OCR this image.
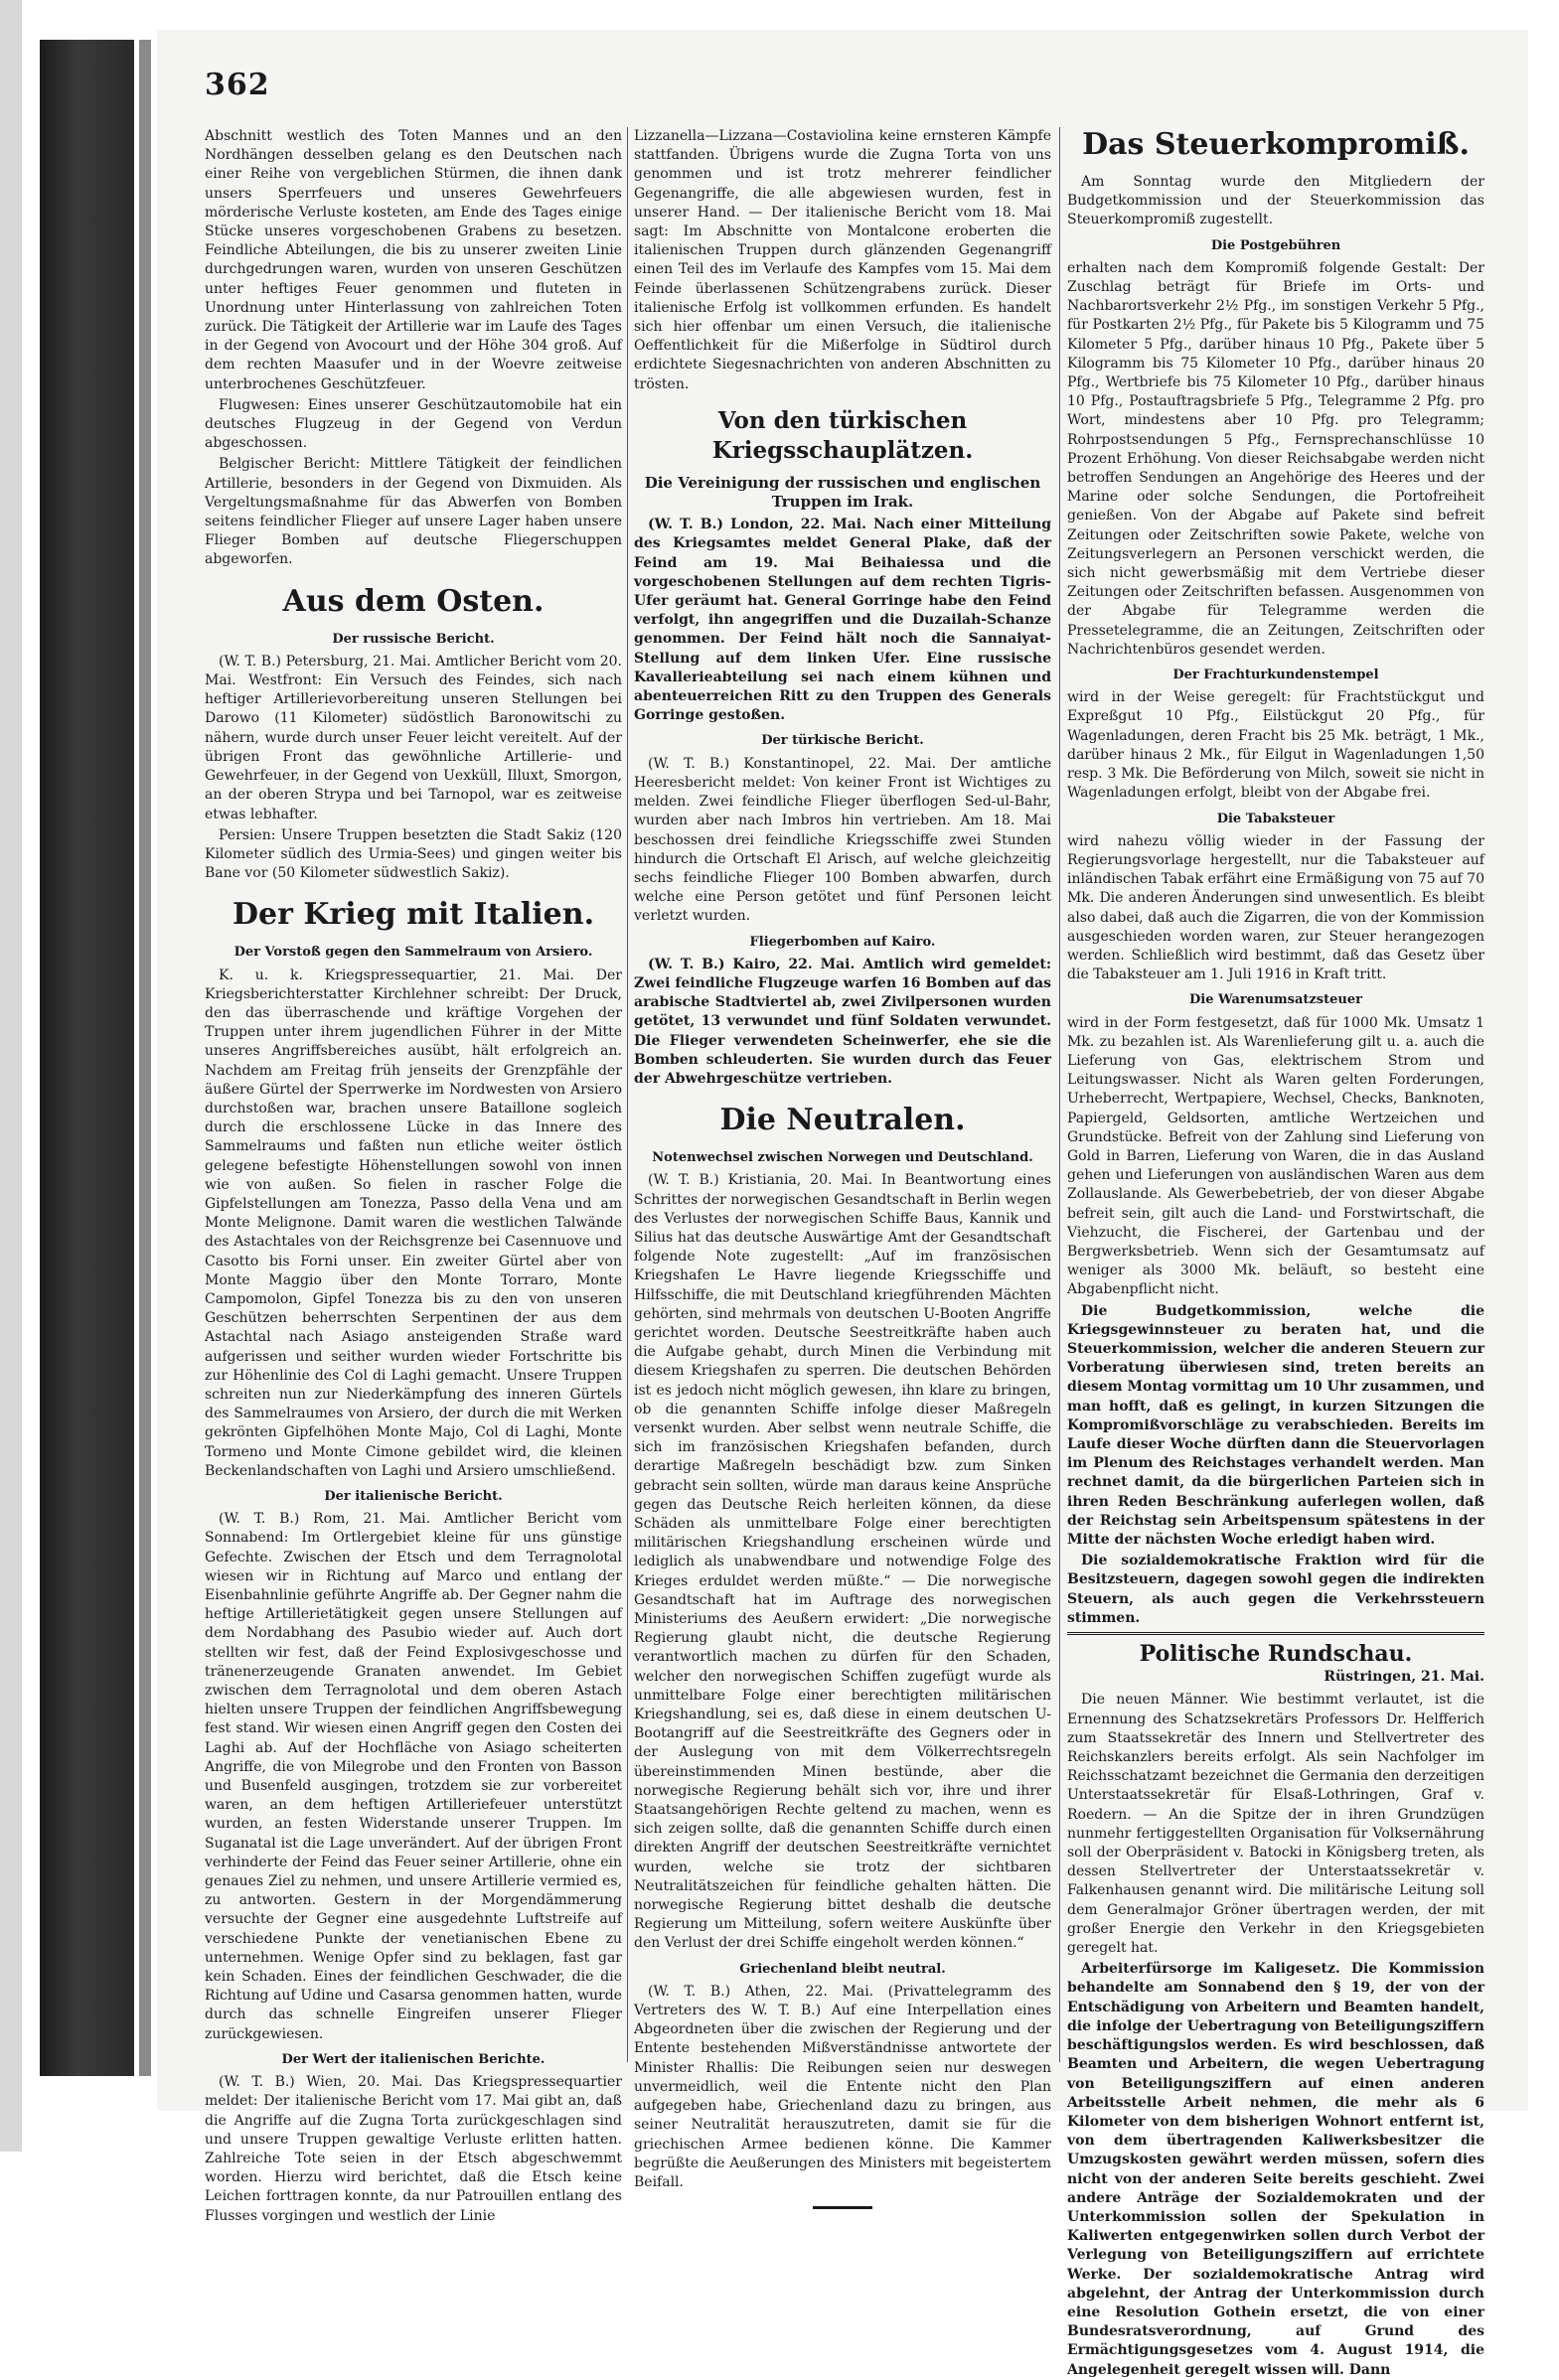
362

Abschnitt westlich des Toten Mannes und an den Nordhängen desselben gelang es den Deutschen nach einer Reihe von vergeblichen Stürmen, die ihnen dank unsers Sperrfeuers und unseres Gewehrfeuers mörderische Verluste kosteten, am Ende des Tages einige Stücke unseres vorgeschobenen Grabens zu besetzen. Feindliche Abteilungen, die bis zu unserer zweiten Linie durchgedrungen waren, wurden von unseren Geschützen unter heftiges Feuer genommen und fluteten in Unordnung unter Hinterlassung von zahlreichen Toten zurück. Die Tätigkeit der Artillerie war im Laufe des Tages in der Gegend von Avocourt und der Höhe 304 groß. Auf dem rechten Maasufer und in der Woevre zeitweise unterbrochenes Geschützfeuer.

Flugwesen: Eines unserer Geschützautomobile hat ein deutsches Flugzeug in der Gegend von Verdun abgeschossen.

Belgischer Bericht: Mittlere Tätigkeit der feindlichen Artillerie, besonders in der Gegend von Dixmuiden. Als Vergeltungsmaßnahme für das Abwerfen von Bomben seitens feindlicher Flieger auf unsere Lager haben unsere Flieger Bomben auf deutsche Fliegerschuppen abgeworfen.

Aus dem Osten.
Der russische Bericht.

(W. T. B.) Petersburg, 21. Mai. Amtlicher Bericht vom 20. Mai. Westfront: Ein Versuch des Feindes, sich nach heftiger Artillerievorbereitung unseren Stellungen bei Darowo (11 Kilometer) südöstlich Baronowitschi zu nähern, wurde durch unser Feuer leicht vereitelt. Auf der übrigen Front das gewöhnliche Artillerie- und Gewehrfeuer, in der Gegend von Uexküll, Illuxt, Smorgon, an der oberen Strypa und bei Tarnopol, war es zeitweise etwas lebhafter.

Persien: Unsere Truppen besetzten die Stadt Sakiz (120 Kilometer südlich des Urmia-Sees) und gingen weiter bis Bane vor (50 Kilometer südwestlich Sakiz).

Der Krieg mit Italien.
Der Vorstoß gegen den Sammelraum von Arsiero.

K. u. k. Kriegspressequartier, 21. Mai. Der Kriegsberichterstatter Kirchlehner schreibt: Der Druck, den das überraschende und kräftige Vorgehen der Truppen unter ihrem jugendlichen Führer in der Mitte unseres Angriffsbereiches ausübt, hält erfolgreich an. Nachdem am Freitag früh jenseits der Grenzpfähle der äußere Gürtel der Sperrwerke im Nordwesten von Arsiero durchstoßen war, brachen unsere Bataillone sogleich durch die erschlossene Lücke in das Innere des Sammelraums und faßten nun etliche weiter östlich gelegene befestigte Höhenstellungen sowohl von innen wie von außen. So fielen in rascher Folge die Gipfelstellungen am Tonezza, Passo della Vena und am Monte Melignone. Damit waren die westlichen Talwände des Astachtales von der Reichsgrenze bei Casennuove und Casotto bis Forni unser. Ein zweiter Gürtel aber von Monte Maggio über den Monte Torraro, Monte Campomolon, Gipfel Tonezza bis zu den von unseren Geschützen beherrschten Serpentinen der aus dem Astachtal nach Asiago ansteigenden Straße ward aufgerissen und seither wurden wieder Fortschritte bis zur Höhenlinie des Col di Laghi gemacht. Unsere Truppen schreiten nun zur Niederkämpfung des inneren Gürtels des Sammelraumes von Arsiero, der durch die mit Werken gekrönten Gipfelhöhen Monte Majo, Col di Laghi, Monte Tormeno und Monte Cimone gebildet wird, die kleinen Beckenlandschaften von Laghi und Arsiero umschließend.

Der italienische Bericht.

(W. T. B.) Rom, 21. Mai. Amtlicher Bericht vom Sonnabend: Im Ortlergebiet kleine für uns günstige Gefechte. Zwischen der Etsch und dem Terragnolotal wiesen wir in Richtung auf Marco und entlang der Eisenbahnlinie geführte Angriffe ab. Der Gegner nahm die heftige Artillerietätigkeit gegen unsere Stellungen auf dem Nordabhang des Pasubio wieder auf. Auch dort stellten wir fest, daß der Feind Explosivgeschosse und tränenerzeugende Granaten anwendet. Im Gebiet zwischen dem Terragnolotal und dem oberen Astach hielten unsere Truppen der feindlichen Angriffsbewegung fest stand. Wir wiesen einen Angriff gegen den Costen dei Laghi ab. Auf der Hochfläche von Asiago scheiterten Angriffe, die von Milegrobe und den Fronten von Basson und Busenfeld ausgingen, trotzdem sie zur vorbereitet waren, an dem heftigen Artilleriefeuer unterstützt wurden, an festen Widerstande unserer Truppen. Im Suganatal ist die Lage unverändert. Auf der übrigen Front verhinderte der Feind das Feuer seiner Artillerie, ohne ein genaues Ziel zu nehmen, und unsere Artillerie vermied es, zu antworten. Gestern in der Morgendämmerung versuchte der Gegner eine ausgedehnte Luftstreife auf verschiedene Punkte der venetianischen Ebene zu unternehmen. Wenige Opfer sind zu beklagen, fast gar kein Schaden. Eines der feindlichen Geschwader, die die Richtung auf Udine und Casarsa genommen hatten, wurde durch das schnelle Eingreifen unserer Flieger zurückgewiesen.

Der Wert der italienischen Berichte.

(W. T. B.) Wien, 20. Mai. Das Kriegspressequartier meldet: Der italienische Bericht vom 17. Mai gibt an, daß die Angriffe auf die Zugna Torta zurückgeschlagen sind und unsere Truppen gewaltige Verluste erlitten hatten. Zahlreiche Tote seien in der Etsch abgeschwemmt worden. Hierzu wird berichtet, daß die Etsch keine Leichen forttragen konnte, da nur Patrouillen entlang des Flusses vorgingen und westlich der Linie

Lizzanella—Lizzana—Costaviolina keine ernsteren Kämpfe stattfanden. Übrigens wurde die Zugna Torta von uns genommen und ist trotz mehrerer feindlicher Gegenangriffe, die alle abgewiesen wurden, fest in unserer Hand. — Der italienische Bericht vom 18. Mai sagt: Im Abschnitte von Montalcone eroberten die italienischen Truppen durch glänzenden Gegenangriff einen Teil des im Verlaufe des Kampfes vom 15. Mai dem Feinde überlassenen Schützengrabens zurück. Dieser italienische Erfolg ist vollkommen erfunden. Es handelt sich hier offenbar um einen Versuch, die italienische Oeffentlichkeit für die Mißerfolge in Südtirol durch erdichtete Siegesnachrichten von anderen Abschnitten zu trösten.

Von den türkischen Kriegsschauplätzen.
Die Vereinigung der russischen und englischen Truppen im Irak.

(W. T. B.) London, 22. Mai. Nach einer Mitteilung des Kriegsamtes meldet General Plake, daß der Feind am 19. Mai Beihaiessa und die vorgeschobenen Stellungen auf dem rechten Tigris-Ufer geräumt hat. General Gorringe habe den Feind verfolgt, ihn angegriffen und die Duzailah-Schanze genommen. Der Feind hält noch die Sannaiyat-Stellung auf dem linken Ufer. Eine russische Kavallerieabteilung sei nach einem kühnen und abenteuerreichen Ritt zu den Truppen des Generals Gorringe gestoßen.

Der türkische Bericht.

(W. T. B.) Konstantinopel, 22. Mai. Der amtliche Heeresbericht meldet: Von keiner Front ist Wichtiges zu melden. Zwei feindliche Flieger überflogen Sed-ul-Bahr, wurden aber nach Imbros hin vertrieben. Am 18. Mai beschossen drei feindliche Kriegsschiffe zwei Stunden hindurch die Ortschaft El Arisch, auf welche gleichzeitig sechs feindliche Flieger 100 Bomben abwarfen, durch welche eine Person getötet und fünf Personen leicht verletzt wurden.

Fliegerbomben auf Kairo.

(W. T. B.) Kairo, 22. Mai. Amtlich wird gemeldet: Zwei feindliche Flugzeuge warfen 16 Bomben auf das arabische Stadtviertel ab, zwei Zivilpersonen wurden getötet, 13 verwundet und fünf Soldaten verwundet. Die Flieger verwendeten Scheinwerfer, ehe sie die Bomben schleuderten. Sie wurden durch das Feuer der Abwehrgeschütze vertrieben.

Die Neutralen.
Notenwechsel zwischen Norwegen und Deutschland.

(W. T. B.) Kristiania, 20. Mai. In Beantwortung eines Schrittes der norwegischen Gesandtschaft in Berlin wegen des Verlustes der norwegischen Schiffe Baus, Kannik und Silius hat das deutsche Auswärtige Amt der Gesandtschaft folgende Note zugestellt: „Auf im französischen Kriegshafen Le Havre liegende Kriegsschiffe und Hilfsschiffe, die mit Deutschland kriegführenden Mächten gehörten, sind mehrmals von deutschen U-Booten Angriffe gerichtet worden. Deutsche Seestreitkräfte haben auch die Aufgabe gehabt, durch Minen die Verbindung mit diesem Kriegshafen zu sperren. Die deutschen Behörden ist es jedoch nicht möglich gewesen, ihn klare zu bringen, ob die genannten Schiffe infolge dieser Maßregeln versenkt wurden. Aber selbst wenn neutrale Schiffe, die sich im französischen Kriegshafen befanden, durch derartige Maßregeln beschädigt bzw. zum Sinken gebracht sein sollten, würde man daraus keine Ansprüche gegen das Deutsche Reich herleiten können, da diese Schäden als unmittelbare Folge einer berechtigten militärischen Kriegshandlung erscheinen würde und lediglich als unabwendbare und notwendige Folge des Krieges erduldet werden müßte.“ — Die norwegische Gesandtschaft hat im Auftrage des norwegischen Ministeriums des Aeußern erwidert: „Die norwegische Regierung glaubt nicht, die deutsche Regierung verantwortlich machen zu dürfen für den Schaden, welcher den norwegischen Schiffen zugefügt wurde als unmittelbare Folge einer berechtigten militärischen Kriegshandlung, sei es, daß diese in einem deutschen U-Bootangriff auf die Seestreitkräfte des Gegners oder in der Auslegung von mit dem Völkerrechtsregeln übereinstimmenden Minen bestünde, aber die norwegische Regierung behält sich vor, ihre und ihrer Staatsangehörigen Rechte geltend zu machen, wenn es sich zeigen sollte, daß die genannten Schiffe durch einen direkten Angriff der deutschen Seestreitkräfte vernichtet wurden, welche sie trotz der sichtbaren Neutralitätszeichen für feindliche gehalten hätten. Die norwegische Regierung bittet deshalb die deutsche Regierung um Mitteilung, sofern weitere Auskünfte über den Verlust der drei Schiffe eingeholt werden können.“

Griechenland bleibt neutral.

(W. T. B.) Athen, 22. Mai. (Privattelegramm des Vertreters des W. T. B.) Auf eine Interpellation eines Abgeordneten über die zwischen der Regierung und der Entente bestehenden Mißverständnisse antwortete der Minister Rhallis: Die Reibungen seien nur deswegen unvermeidlich, weil die Entente nicht den Plan aufgegeben habe, Griechenland dazu zu bringen, aus seiner Neutralität herauszutreten, damit sie für die griechischen Armee bedienen könne. Die Kammer begrüßte die Aeußerungen des Ministers mit begeistertem Beifall.

Das Steuerkompromiß.

Am Sonntag wurde den Mitgliedern der Budgetkommission und der Steuerkommission das Steuerkompromiß zugestellt.

Die Postgebühren

erhalten nach dem Kompromiß folgende Gestalt: Der Zuschlag beträgt für Briefe im Orts- und Nachbarortsverkehr 2½ Pfg., im sonstigen Verkehr 5 Pfg., für Postkarten 2½ Pfg., für Pakete bis 5 Kilogramm und 75 Kilometer 5 Pfg., darüber hinaus 10 Pfg., Pakete über 5 Kilogramm bis 75 Kilometer 10 Pfg., darüber hinaus 20 Pfg., Wertbriefe bis 75 Kilometer 10 Pfg., darüber hinaus 10 Pfg., Postauftragsbriefe 5 Pfg., Telegramme 2 Pfg. pro Wort, mindestens aber 10 Pfg. pro Telegramm; Rohrpostsendungen 5 Pfg., Fernsprechanschlüsse 10 Prozent Erhöhung. Von dieser Reichsabgabe werden nicht betroffen Sendungen an Angehörige des Heeres und der Marine oder solche Sendungen, die Portofreiheit genießen. Von der Abgabe auf Pakete sind befreit Zeitungen oder Zeitschriften sowie Pakete, welche von Zeitungsverlegern an Personen verschickt werden, die sich nicht gewerbsmäßig mit dem Vertriebe dieser Zeitungen oder Zeitschriften befassen. Ausgenommen von der Abgabe für Telegramme werden die Pressetelegramme, die an Zeitungen, Zeitschriften oder Nachrichtenbüros gesendet werden.

Der Frachturkundenstempel

wird in der Weise geregelt: für Frachtstückgut und Expreßgut 10 Pfg., Eilstückgut 20 Pfg., für Wagenladungen, deren Fracht bis 25 Mk. beträgt, 1 Mk., darüber hinaus 2 Mk., für Eilgut in Wagenladungen 1,50 resp. 3 Mk. Die Beförderung von Milch, soweit sie nicht in Wagenladungen erfolgt, bleibt von der Abgabe frei.

Die Tabaksteuer

wird nahezu völlig wieder in der Fassung der Regierungsvorlage hergestellt, nur die Tabaksteuer auf inländischen Tabak erfährt eine Ermäßigung von 75 auf 70 Mk. Die anderen Änderungen sind unwesentlich. Es bleibt also dabei, daß auch die Zigarren, die von der Kommission ausgeschieden worden waren, zur Steuer herangezogen werden. Schließlich wird bestimmt, daß das Gesetz über die Tabaksteuer am 1. Juli 1916 in Kraft tritt.

Die Warenumsatzsteuer

wird in der Form festgesetzt, daß für 1000 Mk. Umsatz 1 Mk. zu bezahlen ist. Als Warenlieferung gilt u. a. auch die Lieferung von Gas, elektrischem Strom und Leitungswasser. Nicht als Waren gelten Forderungen, Urheberrecht, Wertpapiere, Wechsel, Checks, Banknoten, Papiergeld, Geldsorten, amtliche Wertzeichen und Grundstücke. Befreit von der Zahlung sind Lieferung von Gold in Barren, Lieferung von Waren, die in das Ausland gehen und Lieferungen von ausländischen Waren aus dem Zollauslande. Als Gewerbebetrieb, der von dieser Abgabe befreit sein, gilt auch die Land- und Forstwirtschaft, die Viehzucht, die Fischerei, der Gartenbau und der Bergwerksbetrieb. Wenn sich der Gesamtumsatz auf weniger als 3000 Mk. beläuft, so besteht eine Abgabenpflicht nicht.

Die Budgetkommission, welche die Kriegsgewinnsteuer zu beraten hat, und die Steuerkommission, welcher die anderen Steuern zur Vorberatung überwiesen sind, treten bereits an diesem Montag vormittag um 10 Uhr zusammen, und man hofft, daß es gelingt, in kurzen Sitzungen die Kompromißvorschläge zu verabschieden. Bereits im Laufe dieser Woche dürften dann die Steuervorlagen im Plenum des Reichstages verhandelt werden. Man rechnet damit, da die bürgerlichen Parteien sich in ihren Reden Beschränkung auferlegen wollen, daß der Reichstag sein Arbeitspensum spätestens in der Mitte der nächsten Woche erledigt haben wird.

Die sozialdemokratische Fraktion wird für die Besitzsteuern, dagegen sowohl gegen die indirekten Steuern, als auch gegen die Verkehrssteuern stimmen.

Politische Rundschau.
Rüstringen, 21. Mai.

Die neuen Männer. Wie bestimmt verlautet, ist die Ernennung des Schatzsekretärs Professors Dr. Helfferich zum Staatssekretär des Innern und Stellvertreter des Reichskanzlers bereits erfolgt. Als sein Nachfolger im Reichsschatzamt bezeichnet die Germania den derzeitigen Unterstaatssekretär für Elsaß-Lothringen, Graf v. Roedern. — An die Spitze der in ihren Grundzügen nunmehr fertiggestellten Organisation für Volksernährung soll der Oberpräsident v. Batocki in Königsberg treten, als dessen Stellvertreter der Unterstaatssekretär v. Falkenhausen genannt wird. Die militärische Leitung soll dem Generalmajor Gröner übertragen werden, der mit großer Energie den Verkehr in den Kriegsgebieten geregelt hat.

Arbeiterfürsorge im Kaligesetz. Die Kommission behandelte am Sonnabend den § 19, der von der Entschädigung von Arbeitern und Beamten handelt, die infolge der Uebertragung von Beteiligungsziffern beschäftigungslos werden. Es wird beschlossen, daß Beamten und Arbeitern, die wegen Uebertragung von Beteiligungsziffern auf einen anderen Arbeitsstelle Arbeit nehmen, die mehr als 6 Kilometer von dem bisherigen Wohnort entfernt ist, von dem übertragenden Kaliwerksbesitzer die Umzugskosten gewährt werden müssen, sofern dies nicht von der anderen Seite bereits geschieht. Zwei andere Anträge der Sozialdemokraten und der Unterkommission sollen der Spekulation in Kaliwerten entgegenwirken sollen durch Verbot der Verlegung von Beteiligungsziffern auf errichtete Werke. Der sozialdemokratische Antrag wird abgelehnt, der Antrag der Unterkommission durch eine Resolution Gothein ersetzt, die von einer Bundesratsverordnung, auf Grund des Ermächtigungsgesetzes vom 4. August 1914, die Angelegenheit geregelt wissen will. Dann
